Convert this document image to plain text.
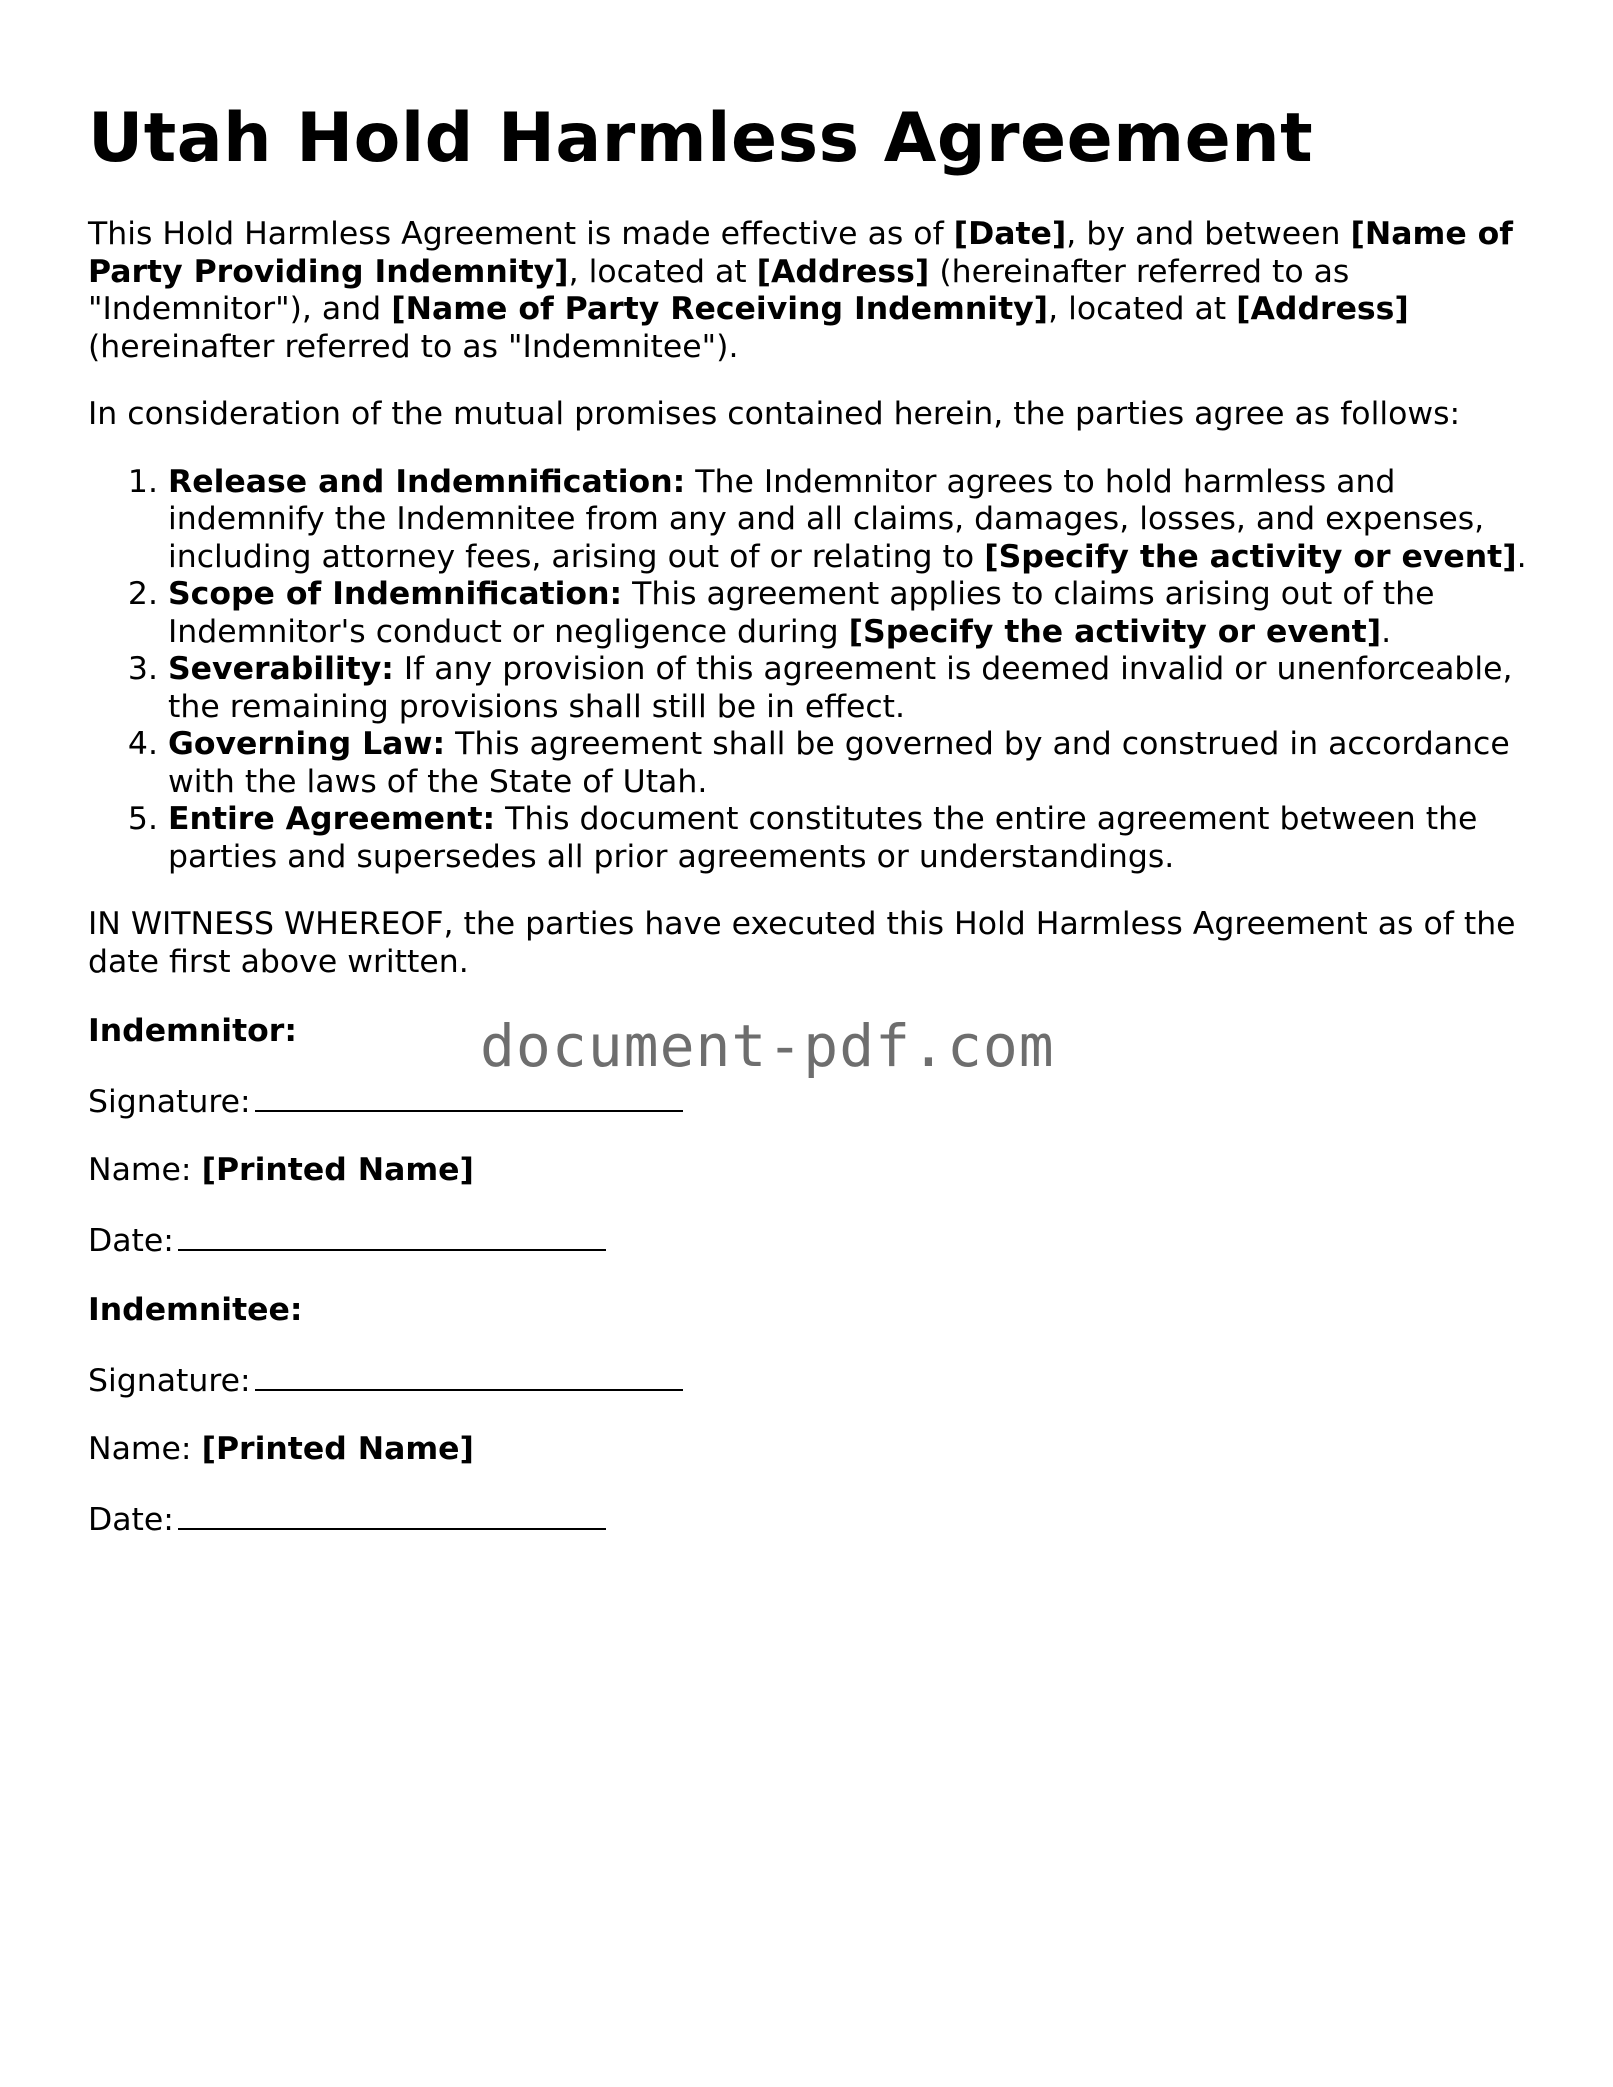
Utah Hold Harmless Agreement

This Hold Harmless Agreement is made effective as of [Date], by and between [Name of Party Providing Indemnity], located at [Address] (hereinafter referred to as "Indemnitor"), and [Name of Party Receiving Indemnity], located at [Address] (hereinafter referred to as "Indemnitee").

In consideration of the mutual promises contained herein, the parties agree as follows:

1. Release and Indemnification: The Indemnitor agrees to hold harmless and indemnify the Indemnitee from any and all claims, damages, losses, and expenses, including attorney fees, arising out of or relating to [Specify the activity or event].
2. Scope of Indemnification: This agreement applies to claims arising out of the Indemnitor's conduct or negligence during [Specify the activity or event].
3. Severability: If any provision of this agreement is deemed invalid or unenforceable, the remaining provisions shall still be in effect.
4. Governing Law: This agreement shall be governed by and construed in accordance with the laws of the State of Utah.
5. Entire Agreement: This document constitutes the entire agreement between the parties and supersedes all prior agreements or understandings.

IN WITNESS WHEREOF, the parties have executed this Hold Harmless Agreement as of the date first above written.

Indemnitor:

Signature:

Name: [Printed Name]

Date:

Indemnitee:

Signature:

Name: [Printed Name]

Date:

document-pdf.com
